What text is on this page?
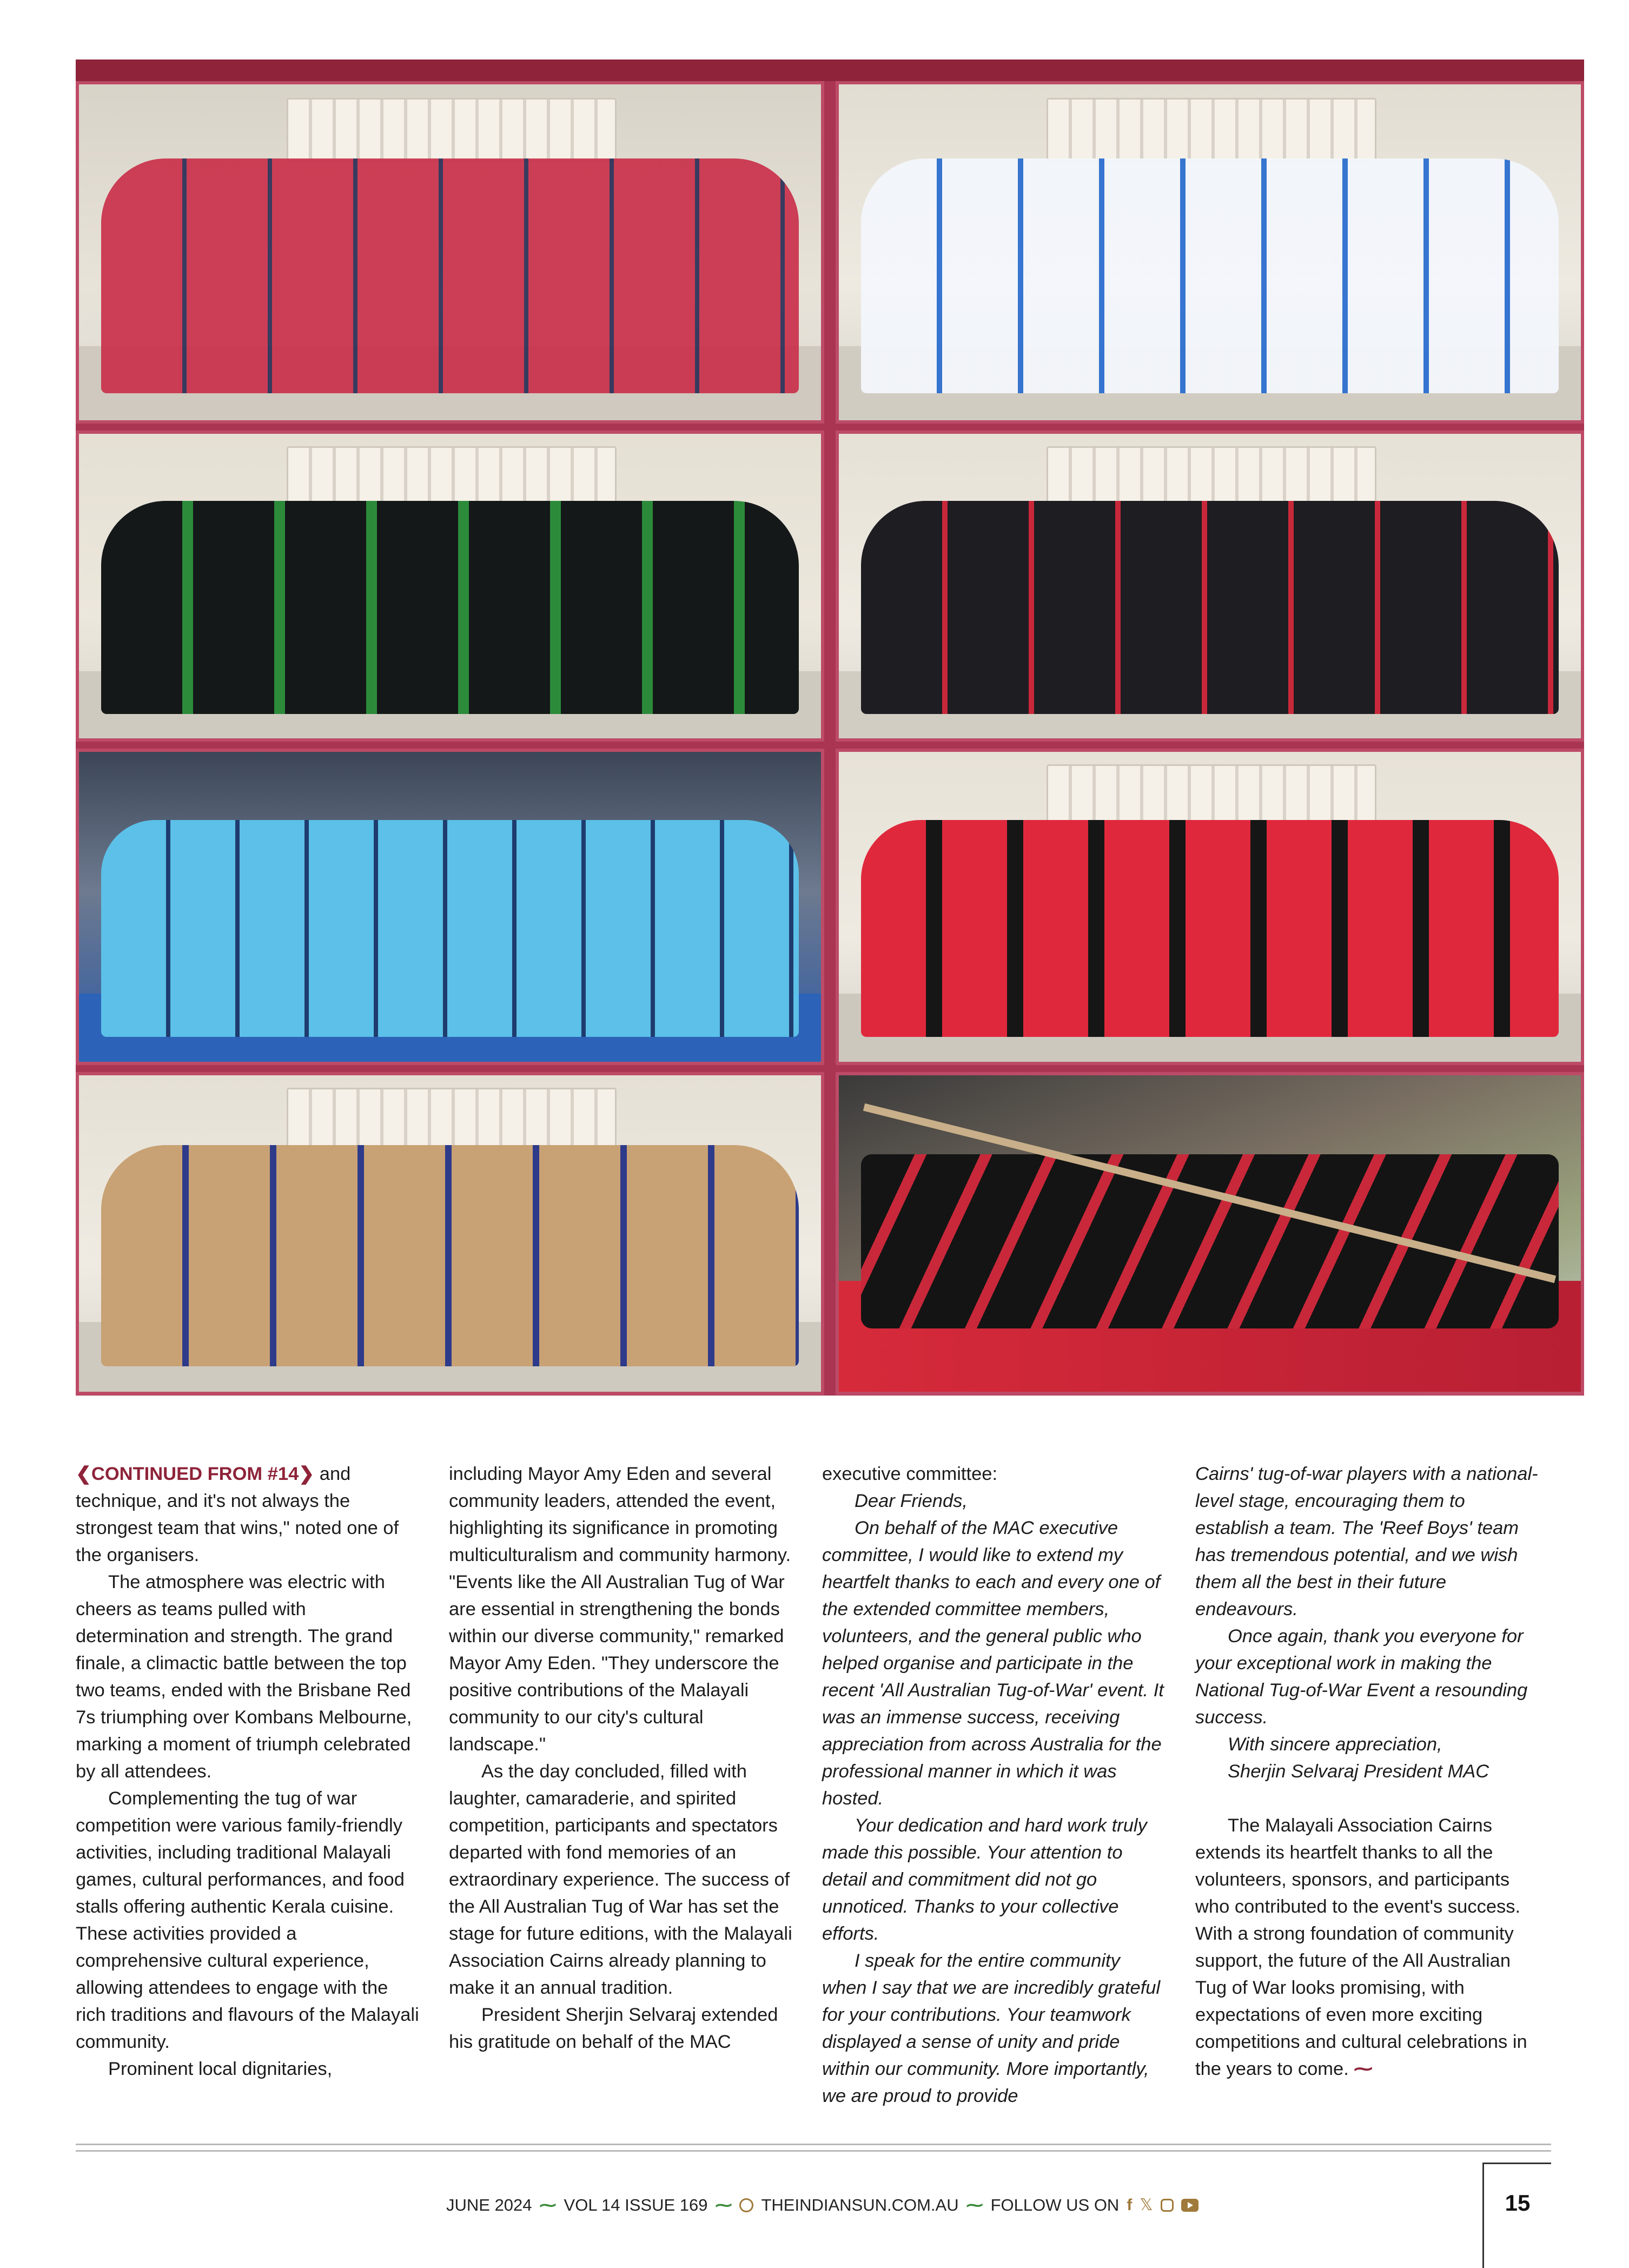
❮CONTINUED FROM #14❯ and technique, and it's not always the strongest team that wins," noted one of the organisers.

The atmosphere was electric with cheers as teams pulled with determination and strength. The grand finale, a climactic battle between the top two teams, ended with the Brisbane Red 7s triumphing over Kombans Melbourne, marking a moment of triumph celebrated by all attendees.

Complementing the tug of war competition were various family-friendly activities, including traditional Malayali games, cultural performances, and food stalls offering authentic Kerala cuisine. These activities provided a comprehensive cultural experience, allowing attendees to engage with the rich traditions and flavours of the Malayali community.

Prominent local dignitaries,

including Mayor Amy Eden and several community leaders, attended the event, highlighting its significance in promoting multiculturalism and community harmony. "Events like the All Australian Tug of War are essential in strengthening the bonds within our diverse community," remarked Mayor Amy Eden. "They underscore the positive contributions of the Malayali community to our city's cultural landscape."

As the day concluded, filled with laughter, camaraderie, and spirited competition, participants and spectators departed with fond memories of an extraordinary experience. The success of the All Australian Tug of War has set the stage for future editions, with the Malayali Association Cairns already planning to make it an annual tradition.

President Sherjin Selvaraj extended his gratitude on behalf of the MAC

executive committee:

Dear Friends,

On behalf of the MAC executive committee, I would like to extend my heartfelt thanks to each and every one of the extended committee members, volunteers, and the general public who helped organise and participate in the recent 'All Australian Tug-of-War' event. It was an immense success, receiving appreciation from across Australia for the professional manner in which it was hosted.

Your dedication and hard work truly made this possible. Your attention to detail and commitment did not go unnoticed. Thanks to your collective efforts.

I speak for the entire community when I say that we are incredibly grateful for your contributions. Your teamwork displayed a sense of unity and pride within our community. More importantly, we are proud to provide

Cairns' tug-of-war players with a national-level stage, encouraging them to establish a team. The 'Reef Boys' team has tremendous potential, and we wish them all the best in their future endeavours.

Once again, thank you everyone for your exceptional work in making the National Tug-of-War Event a resounding success.

With sincere appreciation,

Sherjin Selvaraj President MAC

The Malayali Association Cairns extends its heartfelt thanks to all the volunteers, sponsors, and participants who contributed to the event's success. With a strong foundation of community support, the future of the All Australian Tug of War looks promising, with expectations of even more exciting competitions and cultural celebrations in the years to come. ⁓

JUNE 2024 ⁓ VOL 14 ISSUE 169 ⁓ THEINDIANSUN.COM.AU ⁓ FOLLOW US ON f 𝕏	15
